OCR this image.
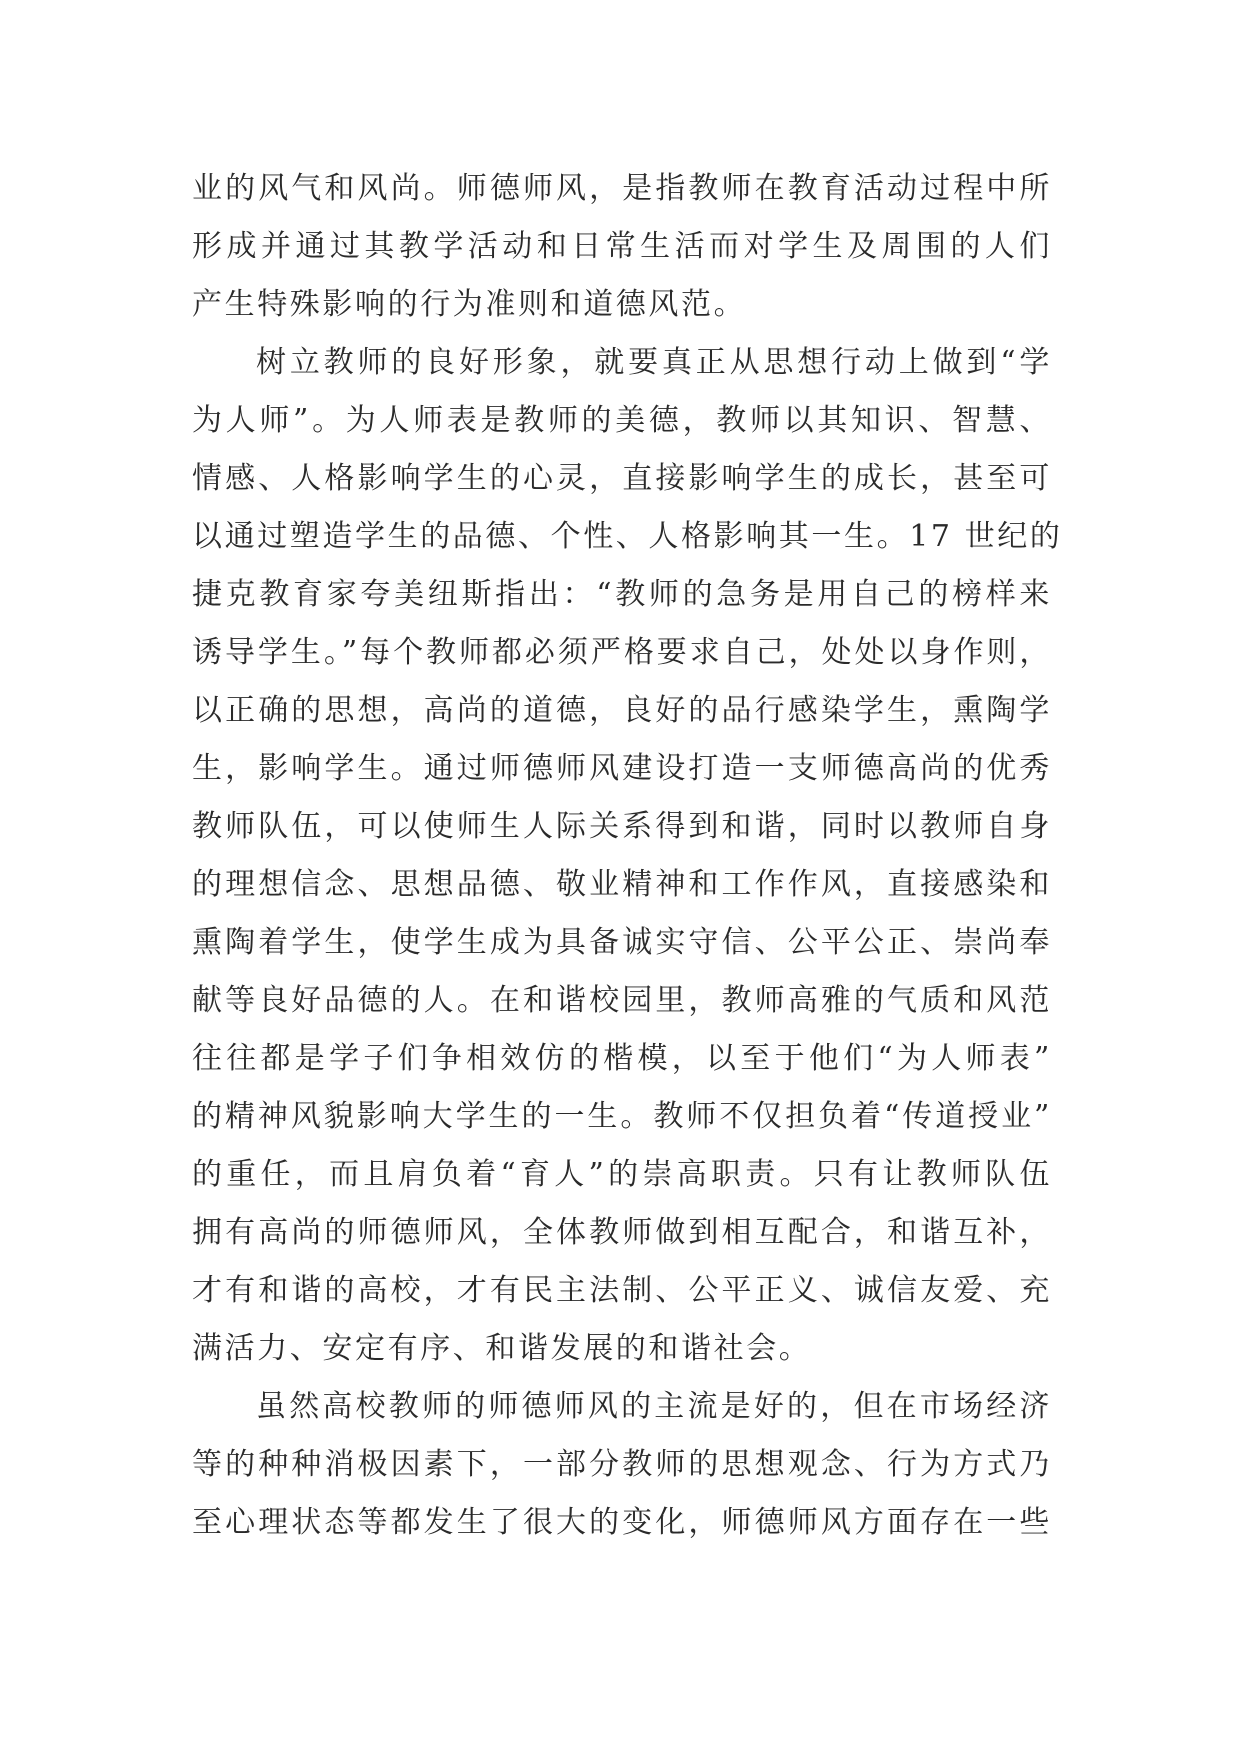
业的风气和风尚。师德师风，是指教师在教育活动过程中所
形成并通过其教学活动和日常生活而对学生及周围的人们
产生特殊影响的行为准则和道德风范。
树立教师的良好形象，就要真正从思想行动上做到“学
为人师”。为人师表是教师的美德，教师以其知识、智慧、
情感、人格影响学生的心灵，直接影响学生的成长，甚至可
以通过塑造学生的品德、个性、人格影响其一生。17 世纪的
捷克教育家夸美纽斯指出：“教师的急务是用自己的榜样来
诱导学生。”每个教师都必须严格要求自己，处处以身作则，
以正确的思想，高尚的道德，良好的品行感染学生，熏陶学
生，影响学生。通过师德师风建设打造一支师德高尚的优秀
教师队伍，可以使师生人际关系得到和谐，同时以教师自身
的理想信念、思想品德、敬业精神和工作作风，直接感染和
熏陶着学生，使学生成为具备诚实守信、公平公正、崇尚奉
献等良好品德的人。在和谐校园里，教师高雅的气质和风范
往往都是学子们争相效仿的楷模，以至于他们“为人师表”
的精神风貌影响大学生的一生。教师不仅担负着“传道授业”
的重任，而且肩负着“育人”的崇高职责。只有让教师队伍
拥有高尚的师德师风，全体教师做到相互配合，和谐互补，
才有和谐的高校，才有民主法制、公平正义、诚信友爱、充
满活力、安定有序、和谐发展的和谐社会。
虽然高校教师的师德师风的主流是好的，但在市场经济
等的种种消极因素下，一部分教师的思想观念、行为方式乃
至心理状态等都发生了很大的变化，师德师风方面存在一些
